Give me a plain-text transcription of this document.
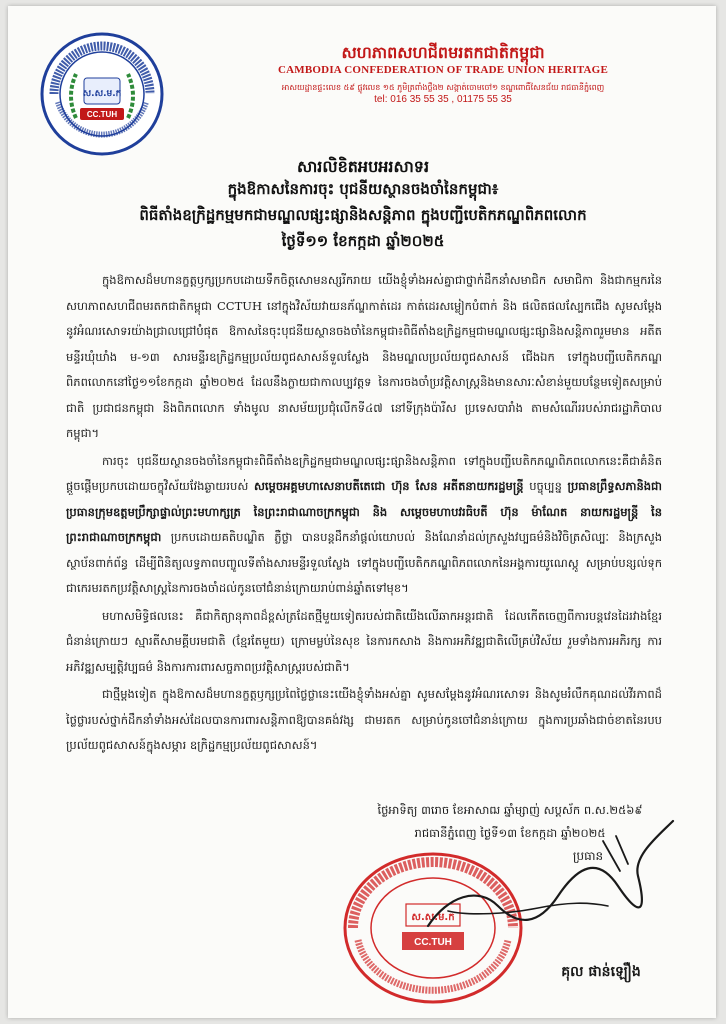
ស.ស.ម.ក
CC.TUH
សហភាពសហជីពមរតកជាតិកម្ពុជា
CAMBODIA CONFEDERATION OF TRADE UNION HERITAGE
អាសយដ្ឋានផ្ទះលេខ ៥៩ ផ្លូវលេខ ១៥ ភូមិត្រពាំងថ្លឹង២ សង្កាត់ចោមចៅ១ ខណ្ឌពោធិ៍សែនជ័យ រាជធានីភ្នំពេញ
tel: 016 35 55 35 , 01175 55 35
សារលិខិតអបអរសាទរ
ក្នុងឱកាសនៃការចុះ បុជនីយស្ថានចងចាំនៃកម្ពុជា៖
ពិធីតាំងឧក្រិដ្ឋកម្មមកជាមណ្ឌលផ្សះផ្សានិងសន្តិភាព ក្នុងបញ្ជីបេតិកភណ្ឌពិភពលោក
ថ្ងៃទី១១ ខែកក្កដា ឆ្នាំ២០២៥

ក្នុងឱកាសដ៏មហានក្ខត្តឫក្សប្រកបដោយទឹកចិត្តសោមនស្សរីករាយ យើងខ្ញុំទាំងអស់គ្នាជាថ្នាក់ដឹកនាំសមាជិក សមាជិកា និងជាកម្មករនៃ សហភាពសហជីពមរតកជាតិកម្ពុជា CCTUH នៅក្នុងវិស័យវាយនភ័ណ្ឌកាត់ដេរ កាត់ដេរសម្លៀកបំពាក់ និង ផលិតផលស្បែកជើង សូមសម្តែងនូវអំណរសោទរយ៉ាងជ្រាលជ្រៅបំផុត ឱកាសនៃចុះបុជនីយស្ថានចងចាំនៃកម្ពុជា៖ពិធីតាំងឧក្រិដ្ឋកម្មជាមណ្ឌលផ្សះផ្សានិងសន្តិភាពរួមមាន អតីតមន្ទីរឃុំឃាំង ម-១៣ សារមន្ទីរឧក្រិដ្ឋកម្មប្រល័យពូជសាសន៍ទួលស្លែង និងមណ្ឌលប្រល័យពូជសាសន៍ ជើងឯក ទៅក្នុងបញ្ជីបេតិកភណ្ឌពិភពលោកនៅថ្ងៃ១១ខែកក្កដា ឆ្នាំ២០២៥ ដែលនឹងក្លាយជាកាលប្បវត្តទ នៃការចងចាំប្រវត្តិសាស្ត្រនិងមានសារៈសំខាន់មួយបន្ថែមទៀតសម្រាប់ជាតិ ប្រជាជនកម្ពុជា និងពិភពលោក ទាំងមូល នាសម័យប្រជុំលើកទី៤៧ នៅទីក្រុងប៉ារីស ប្រទេសបារាំង តាមសំណើររបស់រាជរដ្ឋាភិបាលកម្ពុជា។

ការចុះ បុជនីយស្ថានចងចាំនៃកម្ពុជា៖ពិធីតាំងឧក្រិដ្ឋកម្មជាមណ្ឌលផ្សះផ្សានិងសន្តិភាព ទៅក្នុងបញ្ជីបេតិកភណ្ឌពិភពលោកនេះគឺជាគំនិតផ្តួចផ្តើមប្រកបដោយចក្ខុវិស័យវែងឆ្ងាយរបស់ សម្តេចអគ្គមហាសេនាបតីតេជោ ហ៊ុន សែន អតីតនាយករដ្ឋមន្ត្រី បច្ចុប្បន្ន ប្រធានព្រឹទ្ធសភានិងជាប្រធានក្រុមឧត្តមប្រឹក្សាផ្ទាល់ព្រះមហាក្សត្រ នៃព្រះរាជាណាចក្រកម្ពុជា និង សម្តេចមហាបវរធិបតី ហ៊ុន ម៉ាណែត នាយករដ្ឋមន្ត្រី នៃព្រះរាជាណាចក្រកម្ពុជា ប្រកបដោយគតិបណ្ឌិត ភ្លឺថ្លា បានបន្តដឹកនាំផ្តល់យោបល់ និងណែនាំដល់ក្រសួងវប្បធម៌និងវិចិត្រសិល្បៈ និងក្រសួងស្ថាប័នពាក់ព័ន្ធ ដើម្បីពិនិត្យលទ្ធភាពបញ្ចូលទីតាំងសារមន្ទីរទួលស្លែង ទៅក្នុងបញ្ជីបេតិកភណ្ឌពិភពលោកនៃអង្គការយូណេស្កូ សម្រាប់បន្សល់ទុកជាកេរមរតកប្រវត្តិសាស្ត្រនៃការចងចាំដល់កូនចៅជំនាន់ក្រោយរាប់ពាន់ឆ្នាំតទៅមុខ។

មហាសមិទ្ធិផលនេះ គឺជាកិត្យានុភាពដ៏ខ្ពស់ត្រដែតថ្មីមួយទៀតរបស់ជាតិយើងលើឆាកអន្តរជាតិ ដែលកើតចេញពីការបន្តវេនដៃរវាងខ្មែរជំនាន់ក្រោយៗ ស្មារតីសាមគ្គីបរមជាតិ (ខ្មែរតែមួយ) ក្រោមម្លប់នៃសុខ នៃការកសាង និងការអភិវឌ្ឍជាតិលើគ្រប់វិស័យ រួមទាំងការអភិរក្ស ការអភិវឌ្ឍសម្បត្តិវប្បធម៌ និងការការពារសច្ចភាពប្រវត្តិសាស្ត្ររបស់ជាតិ។

ជាថ្មីម្តងទៀត ក្នុងឱកាសដ៏មហានក្ខត្តឫក្សប្រពៃថ្លៃថ្លានេះយើងខ្ញុំទាំងអស់គ្នា សូមសម្តែងនូវអំណរសោទរ និងសូមរំលឹកគុណដល់វីរភាពដ៏ថ្លៃថ្លារបស់ថ្នាក់ដឹកនាំទាំងអស់ដែលបានការពារសន្តិភាពឱ្យបានគង់វង្ស ជាមរតក សម្រាប់កូនចៅជំនាន់ក្រោយ ក្នុងការប្រឆាំងជាច់ខាតនៃរបបប្រល័យពូជសាសន៍ក្នុងសម្ភារ ឧក្រិដ្ឋកម្មប្រល័យពូជសាសន៍។

ថ្ងៃអាទិត្យ ៣រោច ខែអាសាឍ ឆ្នាំម្សាញ់ សប្តស័ក ព.ស.២៥៦៩
រាជធានីភ្នំពេញ ថ្ងៃទី១៣ ខែកក្កដា ឆ្នាំ២០២៥
ប្រធាន
ស.ស.ម.ក
CC.TUH
គុល ផាន់ឡឿង
